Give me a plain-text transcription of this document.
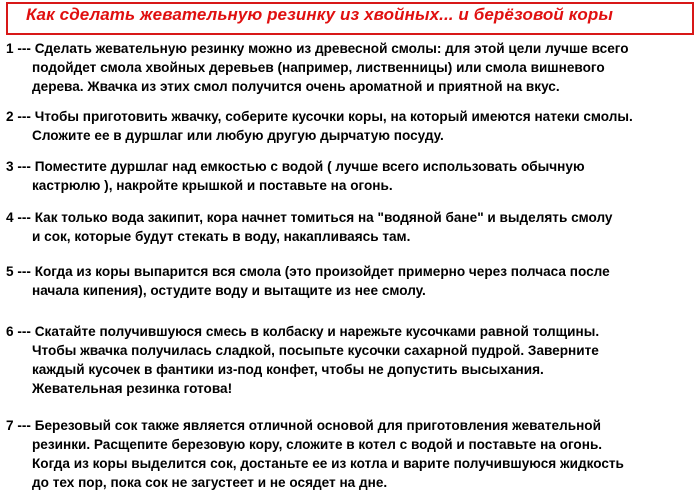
Как сделать жевательную резинку из хвойных... и берёзовой коры
1 --- Сделать жевательную резинку можно из древесной смолы: для этой цели лучше всего
подойдет смола хвойных деревьев (например, лиственницы) или смола вишневого
дерева. Жвачка из этих смол получится очень ароматной и приятной на вкус.
2 --- Чтобы приготовить жвачку, соберите кусочки коры, на который имеются натеки смолы.
Сложите ее в дуршлаг или любую другую дырчатую посуду.
3 --- Поместите дуршлаг над емкостью с водой ( лучше всего использовать обычную
кастрюлю ), накройте крышкой и поставьте на огонь.
4 --- Как только вода закипит, кора начнет томиться на "водяной бане" и выделять смолу
и сок, которые будут стекать в воду, накапливаясь там.
5 --- Когда из коры выпарится вся смола (это произойдет примерно через полчаса после
начала кипения), остудите воду и вытащите из нее смолу.
6 --- Скатайте получившуюся смесь в колбаску и нарежьте кусочками равной толщины.
Чтобы жвачка получилась сладкой, посыпьте кусочки сахарной пудрой. Заверните
каждый кусочек в фантики из-под конфет, чтобы не допустить высыхания.
Жевательная резинка готова!
7 --- Березовый сок также является отличной основой для приготовления жевательной
резинки. Расщепите березовую кору, сложите в котел с водой и поставьте на огонь.
Когда из коры выделится сок, достаньте ее из котла и варите получившуюся жидкость
до тех пор, пока сок не загустеет и не осядет на дне.
